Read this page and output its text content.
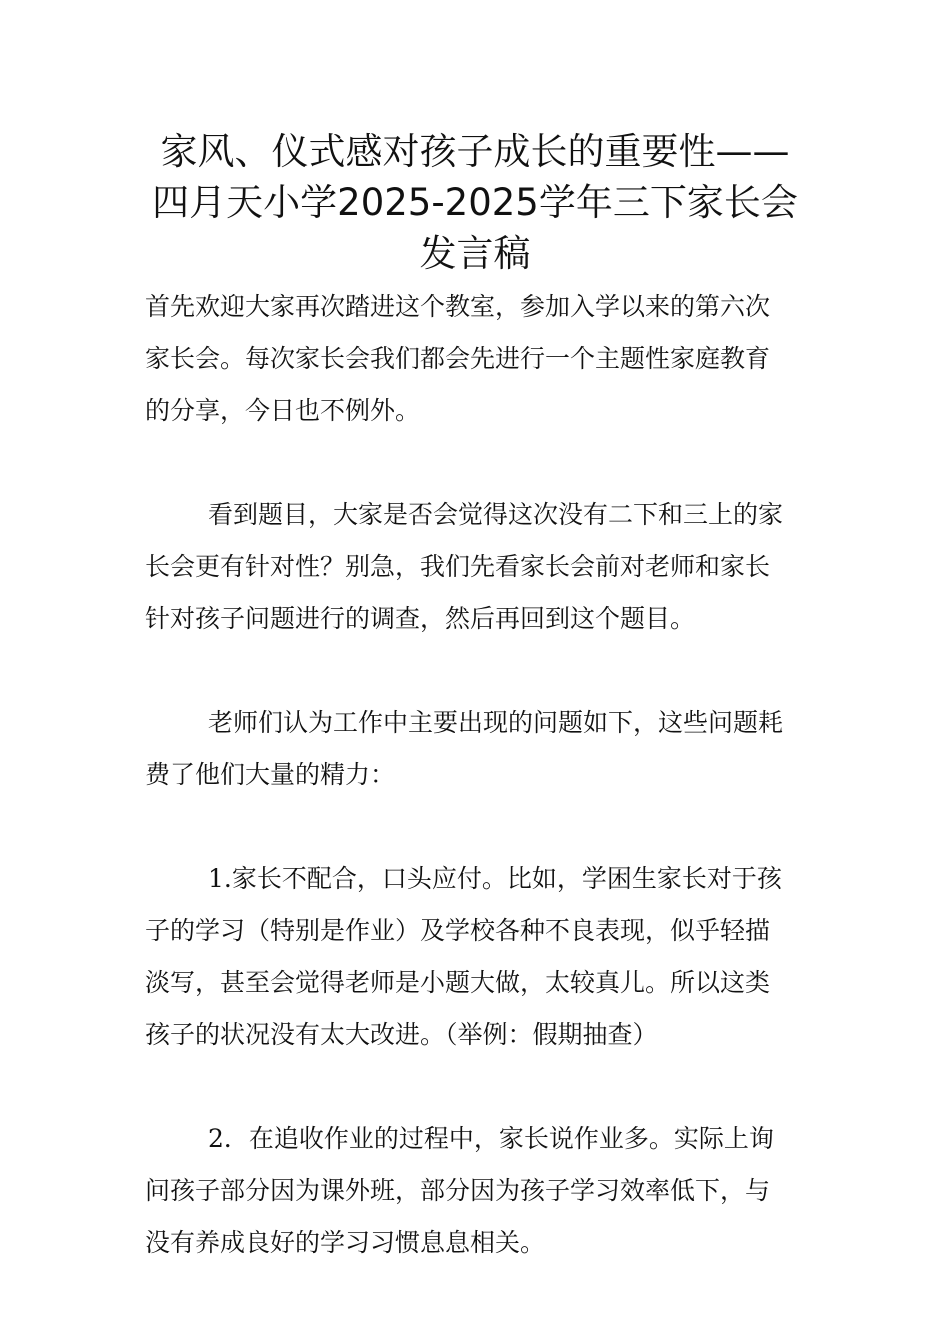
家风、仪式感对孩子成长的重要性——
四月天小学2025-2025学年三下家长会
发言稿

首先欢迎大家再次踏进这个教室，参加入学以来的第六次
家长会。每次家长会我们都会先进行一个主题性家庭教育
的分享，今日也不例外。

看到题目，大家是否会觉得这次没有二下和三上的家
长会更有针对性？别急，我们先看家长会前对老师和家长
针对孩子问题进行的调查，然后再回到这个题目。

老师们认为工作中主要出现的问题如下，这些问题耗
费了他们大量的精力：

1.家长不配合，口头应付。比如，学困生家长对于孩
子的学习（特别是作业）及学校各种不良表现，似乎轻描
淡写，甚至会觉得老师是小题大做，太较真儿。所以这类
孩子的状况没有太大改进。（举例：假期抽查）

2．在追收作业的过程中，家长说作业多。实际上询
问孩子部分因为课外班，部分因为孩子学习效率低下，与
没有养成良好的学习习惯息息相关。
